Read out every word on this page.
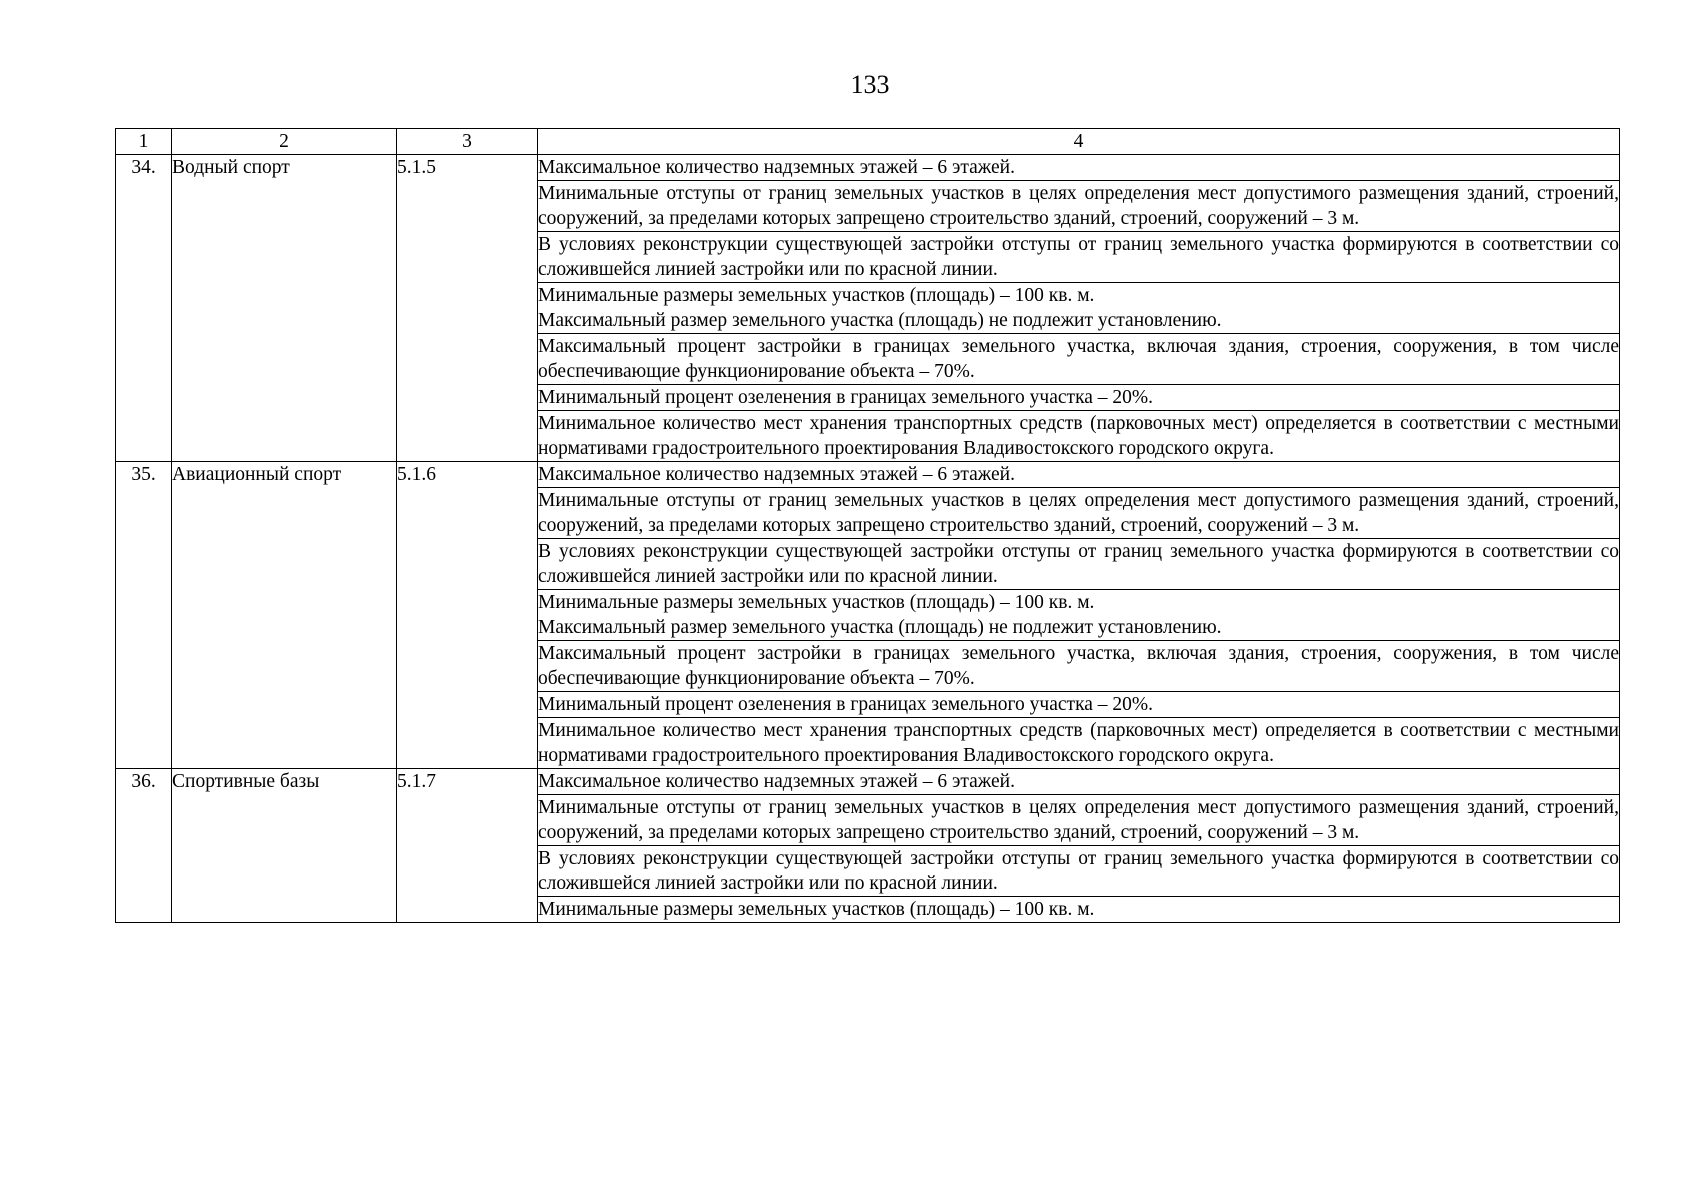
133
1	2	3	4
34.	Водный спорт	5.1.5	Максимальное количество надземных этажей – 6 этажей.

			Минимальные отступы от границ земельных участков в целях определения мест допустимого размещения зданий, строений, сооружений, за пределами которых запрещено строительство зданий, строений, сооружений – 3 м.

			В условиях реконструкции существующей застройки отступы от границ земельного участка формируются в соответствии со сложившейся линией застройки или по красной линии.

			Минимальные размеры земельных участков (площадь) – 100 кв. м.
Максимальный размер земельного участка (площадь) не подлежит установлению.

			Максимальный процент застройки в границах земельного участка, включая здания, строения, сооружения, в том числе обеспечивающие функционирование объекта – 70%.

			Минимальный процент озеленения в границах земельного участка – 20%.

			Минимальное количество мест хранения транспортных средств (парковочных мест) определяется в соответствии с местными нормативами градостроительного проектирования Владивостокского городского округа.

35.	Авиационный спорт	5.1.6	Максимальное количество надземных этажей – 6 этажей.

			Минимальные отступы от границ земельных участков в целях определения мест допустимого размещения зданий, строений, сооружений, за пределами которых запрещено строительство зданий, строений, сооружений – 3 м.

			В условиях реконструкции существующей застройки отступы от границ земельного участка формируются в соответствии со сложившейся линией застройки или по красной линии.

			Минимальные размеры земельных участков (площадь) – 100 кв. м.
Максимальный размер земельного участка (площадь) не подлежит установлению.

			Максимальный процент застройки в границах земельного участка, включая здания, строения, сооружения, в том числе обеспечивающие функционирование объекта – 70%.

			Минимальный процент озеленения в границах земельного участка – 20%.

			Минимальное количество мест хранения транспортных средств (парковочных мест) определяется в соответствии с местными нормативами градостроительного проектирования Владивостокского городского округа.

36.	Спортивные базы	5.1.7	Максимальное количество надземных этажей – 6 этажей.

			Минимальные отступы от границ земельных участков в целях определения мест допустимого размещения зданий, строений, сооружений, за пределами которых запрещено строительство зданий, строений, сооружений – 3 м.

			В условиях реконструкции существующей застройки отступы от границ земельного участка формируются в соответствии со сложившейся линией застройки или по красной линии.

			Минимальные размеры земельных участков (площадь) – 100 кв. м.
